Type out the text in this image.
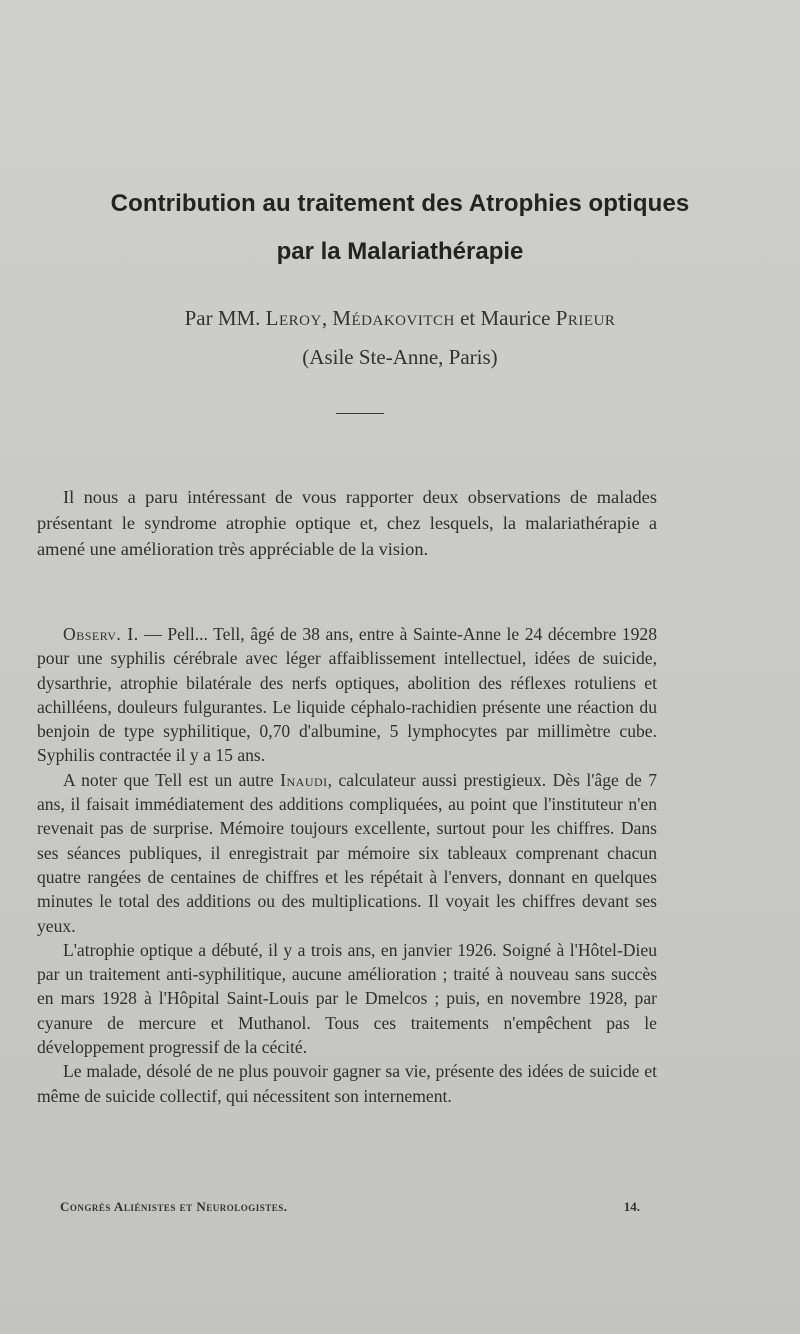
Contribution au traitement des Atrophies optiques
par la Malariathérapie
Par MM. Leroy, Médakovitch et Maurice Prieur
(Asile Ste-Anne, Paris)

Il nous a paru intéressant de vous rapporter deux observations de malades présentant le syndrome atrophie optique et, chez lesquels, la malariathérapie a amené une amélioration très appréciable de la vision.

Observ. I. — Pell... Tell, âgé de 38 ans, entre à Sainte-Anne le 24 décembre 1928 pour une syphilis cérébrale avec léger affaiblissement intellectuel, idées de suicide, dysarthrie, atrophie bilatérale des nerfs optiques, abolition des réflexes rotuliens et achilléens, douleurs fulgurantes. Le liquide céphalo-rachidien présente une réaction du benjoin de type syphilitique, 0,70 d'albumine, 5 lymphocytes par millimètre cube. Syphilis contractée il y a 15 ans.

A noter que Tell est un autre Inaudi, calculateur aussi prestigieux. Dès l'âge de 7 ans, il faisait immédiatement des additions compliquées, au point que l'instituteur n'en revenait pas de surprise. Mémoire toujours excellente, surtout pour les chiffres. Dans ses séances publiques, il enregistrait par mémoire six tableaux comprenant chacun quatre rangées de centaines de chiffres et les répétait à l'envers, donnant en quelques minutes le total des additions ou des multiplications. Il voyait les chiffres devant ses yeux.

L'atrophie optique a débuté, il y a trois ans, en janvier 1926. Soigné à l'Hôtel-Dieu par un traitement anti-syphilitique, aucune amélioration ; traité à nouveau sans succès en mars 1928 à l'Hôpital Saint-Louis par le Dmelcos ; puis, en novembre 1928, par cyanure de mercure et Muthanol. Tous ces traitements n'empêchent pas le développement progressif de la cécité.

Le malade, désolé de ne plus pouvoir gagner sa vie, présente des idées de suicide et même de suicide collectif, qui nécessitent son internement.

Congrès Aliénistes et Neurologistes.	14.
